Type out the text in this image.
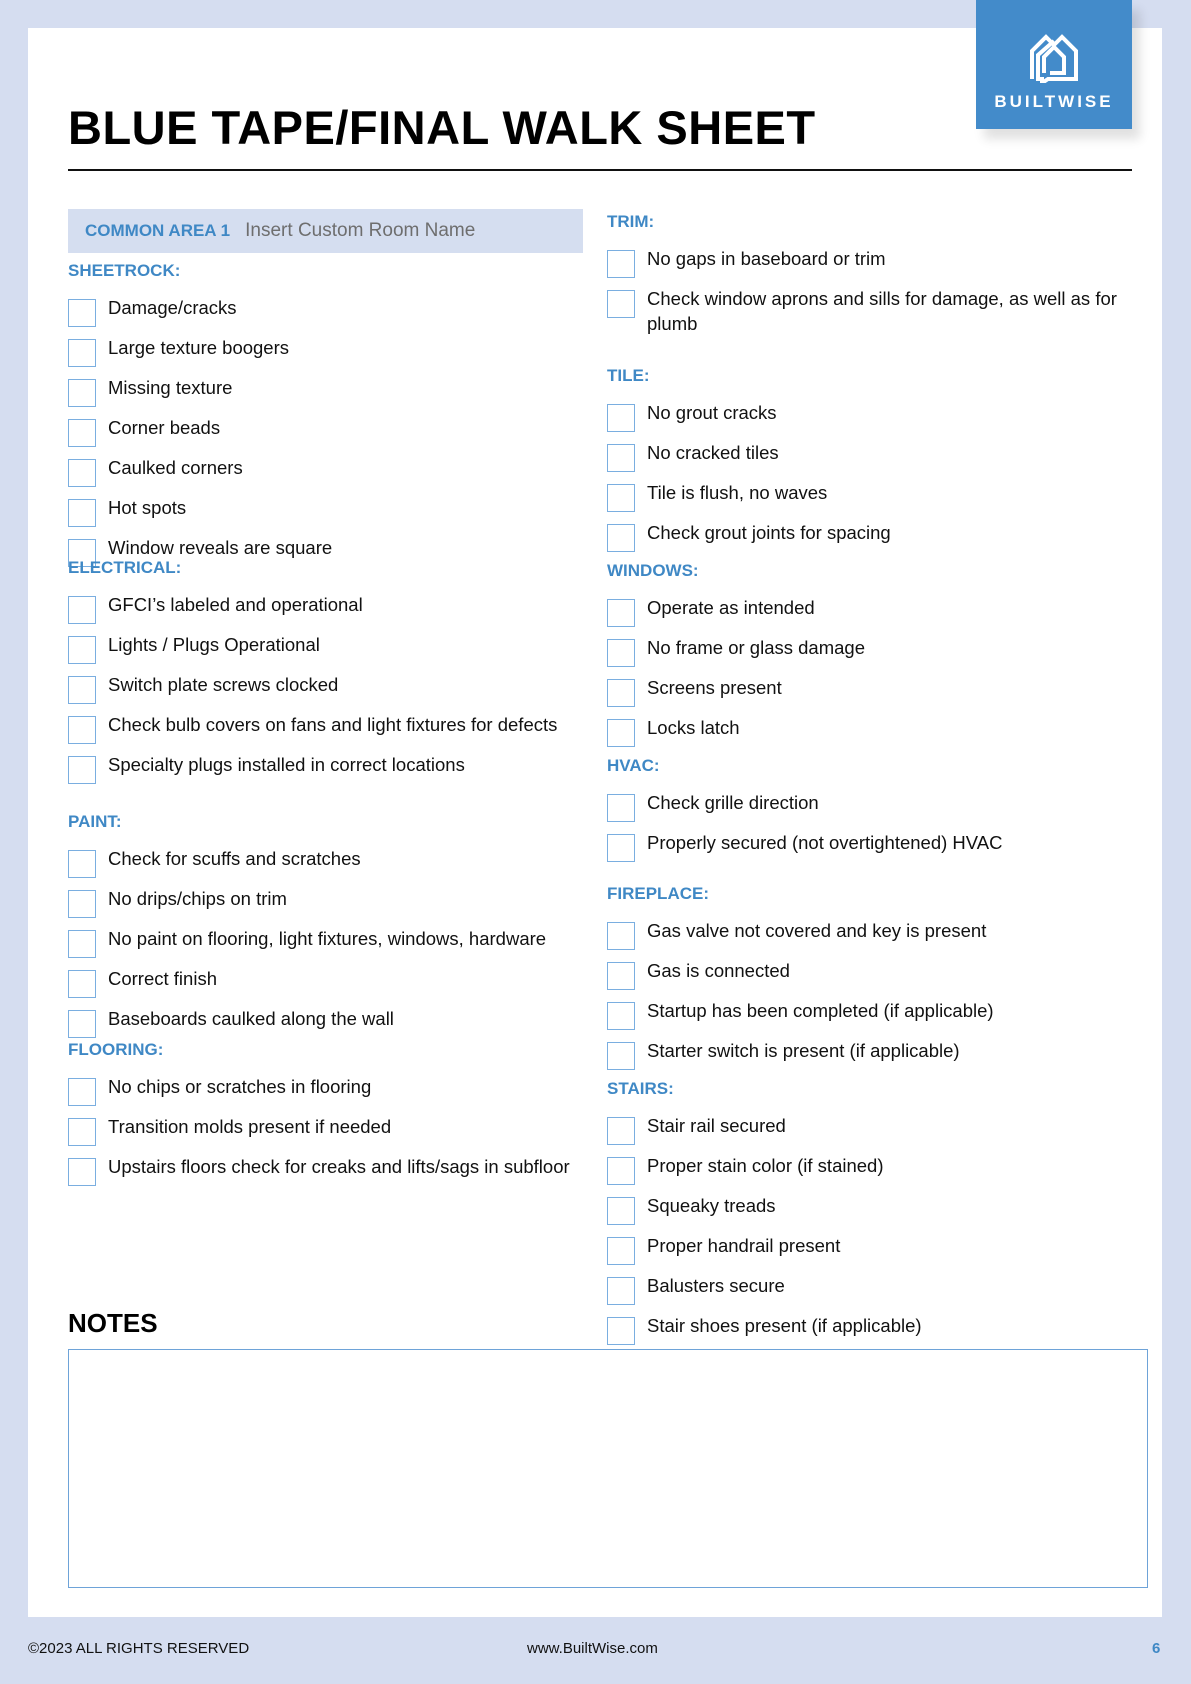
BUILTWISE
BLUE TAPE/FINAL WALK SHEET
COMMON AREA 1 Insert Custom Room Name
SHEETROCK:
Damage/cracks
Large texture boogers
Missing texture
Corner beads
Caulked corners
Hot spots
Window reveals are square
ELECTRICAL:
GFCI’s labeled and operational
Lights / Plugs Operational
Switch plate screws clocked
Check bulb covers on fans and light fixtures for defects
Specialty plugs installed in correct locations
PAINT:
Check for scuffs and scratches
No drips/chips on trim
No paint on flooring, light fixtures, windows, hardware
Correct finish
Baseboards caulked along the wall
FLOORING:
No chips or scratches in flooring
Transition molds present if needed
Upstairs floors check for creaks and lifts/sags in subfloor
TRIM:
No gaps in baseboard or trim
Check window aprons and sills for damage, as well as for plumb
TILE:
No grout cracks
No cracked tiles
Tile is flush, no waves
Check grout joints for spacing
WINDOWS:
Operate as intended
No frame or glass damage
Screens present
Locks latch
HVAC:
Check grille direction
Properly secured (not overtightened) HVAC
FIREPLACE:
Gas valve not covered and key is present
Gas is connected
Startup has been completed (if applicable)
Starter switch is present (if applicable)
STAIRS:
Stair rail secured
Proper stain color (if stained)
Squeaky treads
Proper handrail present
Balusters secure
Stair shoes present (if applicable)
NOTES
©2023 ALL RIGHTS RESERVED	www.BuiltWise.com	6
